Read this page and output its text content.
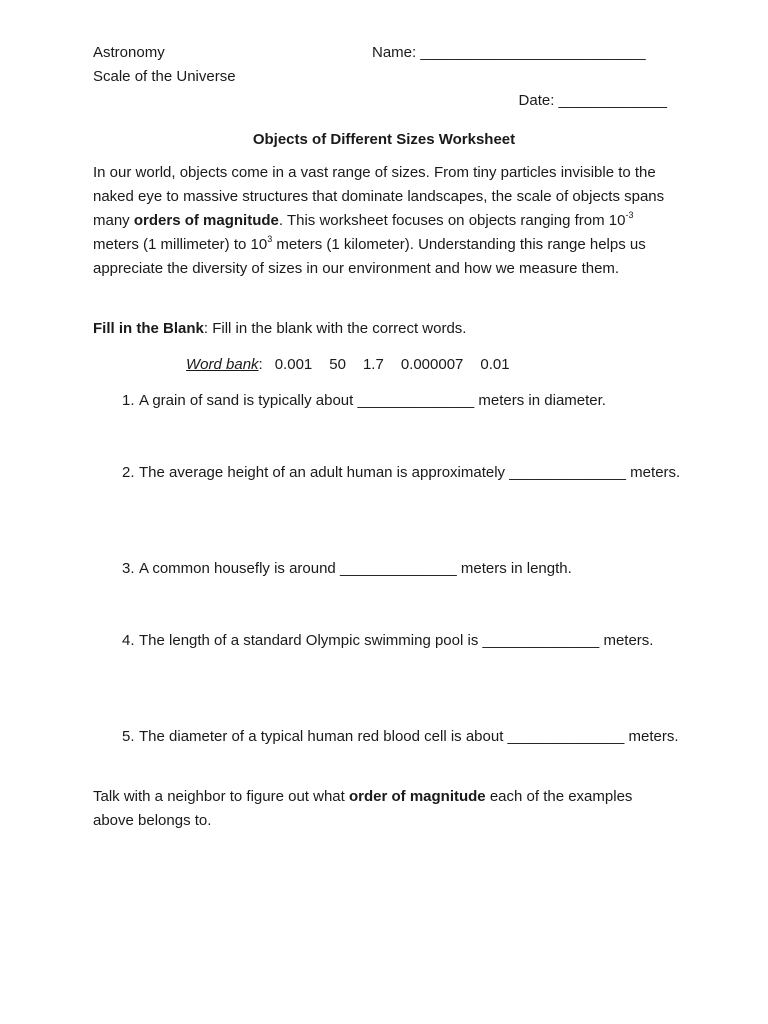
Astronomy
Scale of the Universe
Name: ___________________________
Date: _____________
Objects of Different Sizes Worksheet
In our world, objects come in a vast range of sizes. From tiny particles invisible to the naked eye to massive structures that dominate landscapes, the scale of objects spans many orders of magnitude. This worksheet focuses on objects ranging from $10^{-3}$ meters (1 millimeter) to $10^3$ meters (1 kilometer). Understanding this range helps us appreciate the diversity of sizes in our environment and how we measure them.
Fill in the Blank: Fill in the blank with the correct words.
Word bank: 0.001 50 1.7 0.000007 0.01
1. A grain of sand is typically about ______________ meters in diameter.
2. The average height of an adult human is approximately ______________ meters.
3. A common housefly is around ______________ meters in length.
4. The length of a standard Olympic swimming pool is ______________ meters.
5. The diameter of a typical human red blood cell is about ______________ meters.
Talk with a neighbor to figure out what order of magnitude each of the examples above belongs to.
